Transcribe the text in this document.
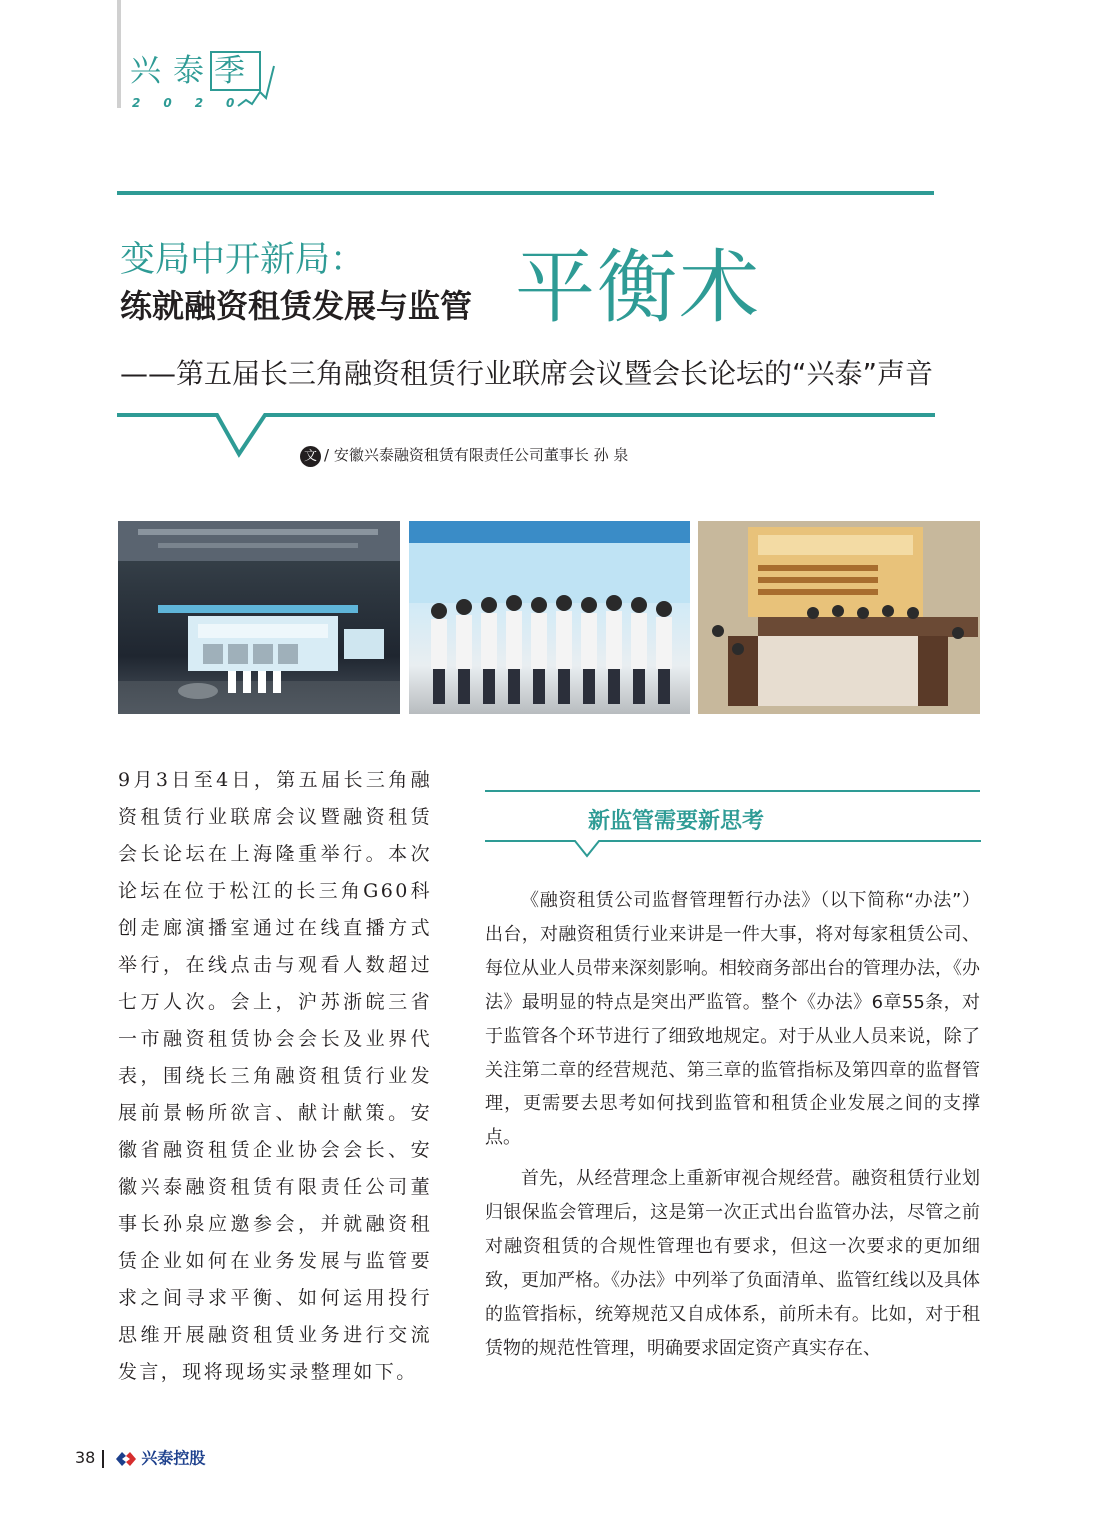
兴泰季
2020
变局中开新局：
练就融资租赁发展与监管 平衡术
——第五届长三角融资租赁行业联席会议暨会长论坛的“兴泰”声音
文 / 安徽兴泰融资租赁有限责任公司董事长 孙 泉

9月3日至4日，第五届长三角融资租赁行业联席会议暨融资租赁会长论坛在上海隆重举行。本次论坛在位于松江的长三角G60科创走廊演播室通过在线直播方式举行，在线点击与观看人数超过七万人次。会上，沪苏浙皖三省一市融资租赁协会会长及业界代表，围绕长三角融资租赁行业发展前景畅所欲言、献计献策。安徽省融资租赁企业协会会长、安徽兴泰融资租赁有限责任公司董事长孙泉应邀参会，并就融资租赁企业如何在业务发展与监管要求之间寻求平衡、如何运用投行思维开展融资租赁业务进行交流发言，现将现场实录整理如下。

新监管需要新思考

《融资租赁公司监督管理暂行办法》（以下简称“办法”）出台，对融资租赁行业来讲是一件大事，将对每家租赁公司、每位从业人员带来深刻影响。相较商务部出台的管理办法，《办法》最明显的特点是突出严监管。整个《办法》6章55条，对于监管各个环节进行了细致地规定。对于从业人员来说，除了关注第二章的经营规范、第三章的监管指标及第四章的监督管理，更需要去思考如何找到监管和租赁企业发展之间的支撑点。

首先，从经营理念上重新审视合规经营。融资租赁行业划归银保监会管理后，这是第一次正式出台监管办法，尽管之前对融资租赁的合规性管理也有要求，但这一次要求的更加细致，更加严格。《办法》中列举了负面清单、监管红线以及具体的监管指标，统筹规范又自成体系，前所未有。比如，对于租赁物的规范性管理，明确要求固定资产真实存在、

38	兴泰控股
